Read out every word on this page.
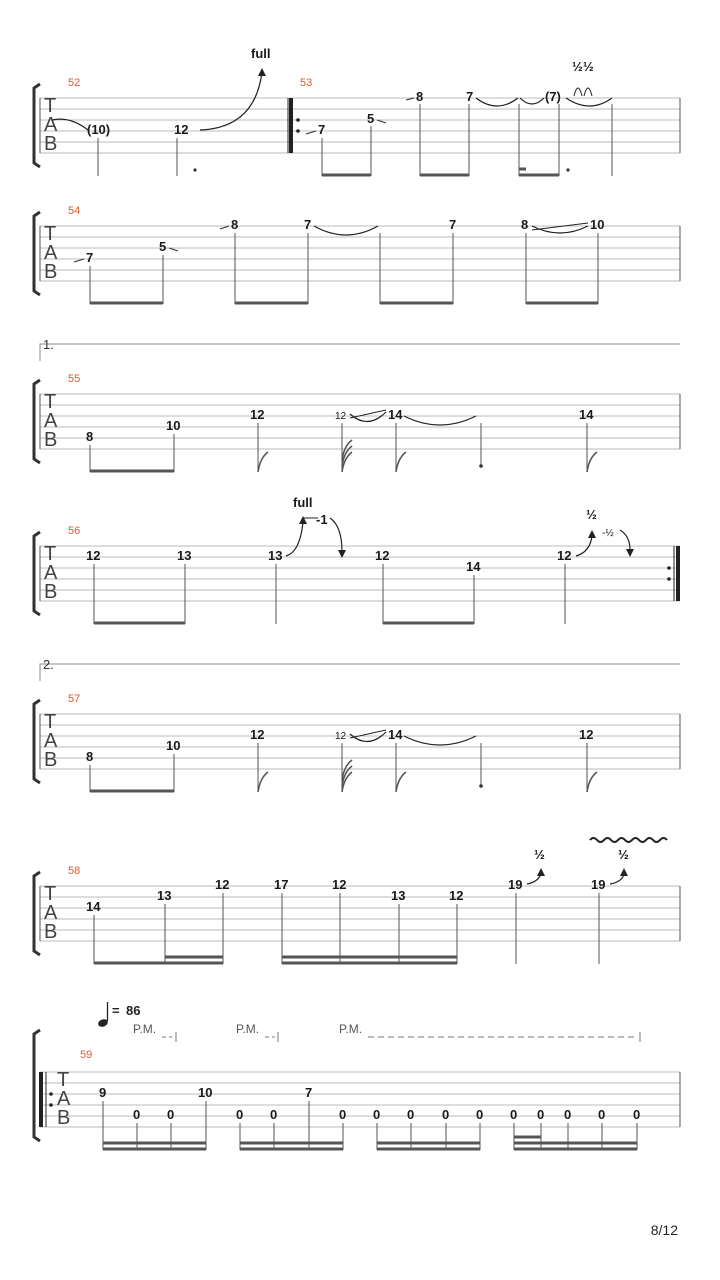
T
A
B
52
(10)	12
full
53
7
5
8	7	(7)
½½
T
A
B
54
7
5
8	7	7	8	10
1.
T
A
B
55
8
10
12	12	14	14
T
A
B
56
12	13	13
-1
12
14
12
-½
full
½
2.
T
A
B
57
8
10
12	12	14	12
T
A
B
58
14
13
12	17	12
13	12
19	19
½	½
= 86
P.M.	P.M.	P.M.
T
A
B
59
9
0 0
10
0 0
7
0 0 0 0 0 0 0 0 0 0
8/12
